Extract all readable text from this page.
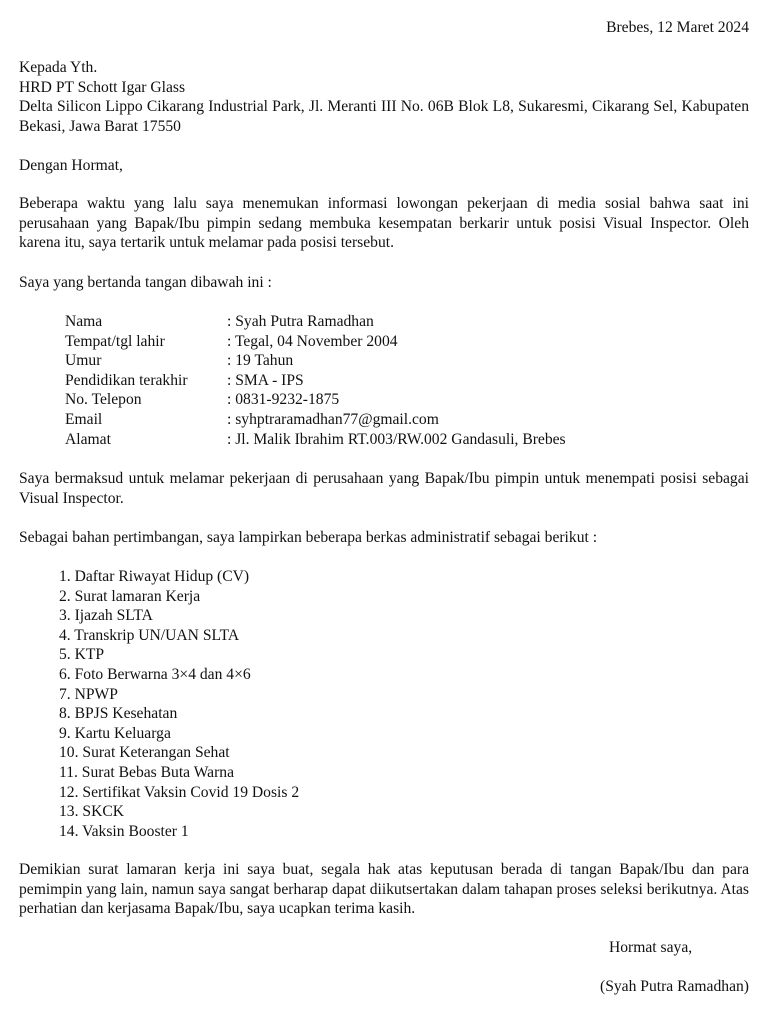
Brebes, 12 Maret 2024

Kepada Yth.

HRD PT Schott Igar Glass

Delta Silicon Lippo Cikarang Industrial Park, Jl. Meranti III No. 06B Blok L8, Sukaresmi, Cikarang Sel, Kabupaten Bekasi, Jawa Barat 17550

Dengan Hormat,

Beberapa waktu yang lalu saya menemukan informasi lowongan pekerjaan di media sosial bahwa saat ini perusahaan yang Bapak/Ibu pimpin sedang membuka kesempatan berkarir untuk posisi Visual Inspector. Oleh karena itu, saya tertarik untuk melamar pada posisi tersebut.

Saya yang bertanda tangan dibawah ini :

Nama	: Syah Putra Ramadhan
Tempat/tgl lahir	: Tegal, 04 November 2004
Umur	: 19 Tahun
Pendidikan terakhir	: SMA - IPS
No. Telepon	: 0831-9232-1875
Email	: syhptraramadhan77@gmail.com
Alamat	: Jl. Malik Ibrahim RT.003/RW.002 Gandasuli, Brebes

Saya bermaksud untuk melamar pekerjaan di perusahaan yang Bapak/Ibu pimpin untuk menempati posisi sebagai Visual Inspector.

Sebagai bahan pertimbangan, saya lampirkan beberapa berkas administratif sebagai berikut :

1. Daftar Riwayat Hidup (CV)
2. Surat lamaran Kerja
3. Ijazah SLTA
4. Transkrip UN/UAN SLTA
5. KTP
6. Foto Berwarna 3×4 dan 4×6
7. NPWP
8. BPJS Kesehatan
9. Kartu Keluarga
10. Surat Keterangan Sehat
11. Surat Bebas Buta Warna
12. Sertifikat Vaksin Covid 19 Dosis 2
13. SKCK
14. Vaksin Booster 1

Demikian surat lamaran kerja ini saya buat, segala hak atas keputusan berada di tangan Bapak/Ibu dan para pemimpin yang lain, namun saya sangat berharap dapat diikutsertakan dalam tahapan proses seleksi berikutnya. Atas perhatian dan kerjasama Bapak/Ibu, saya ucapkan terima kasih.

Hormat saya,

(Syah Putra Ramadhan)
